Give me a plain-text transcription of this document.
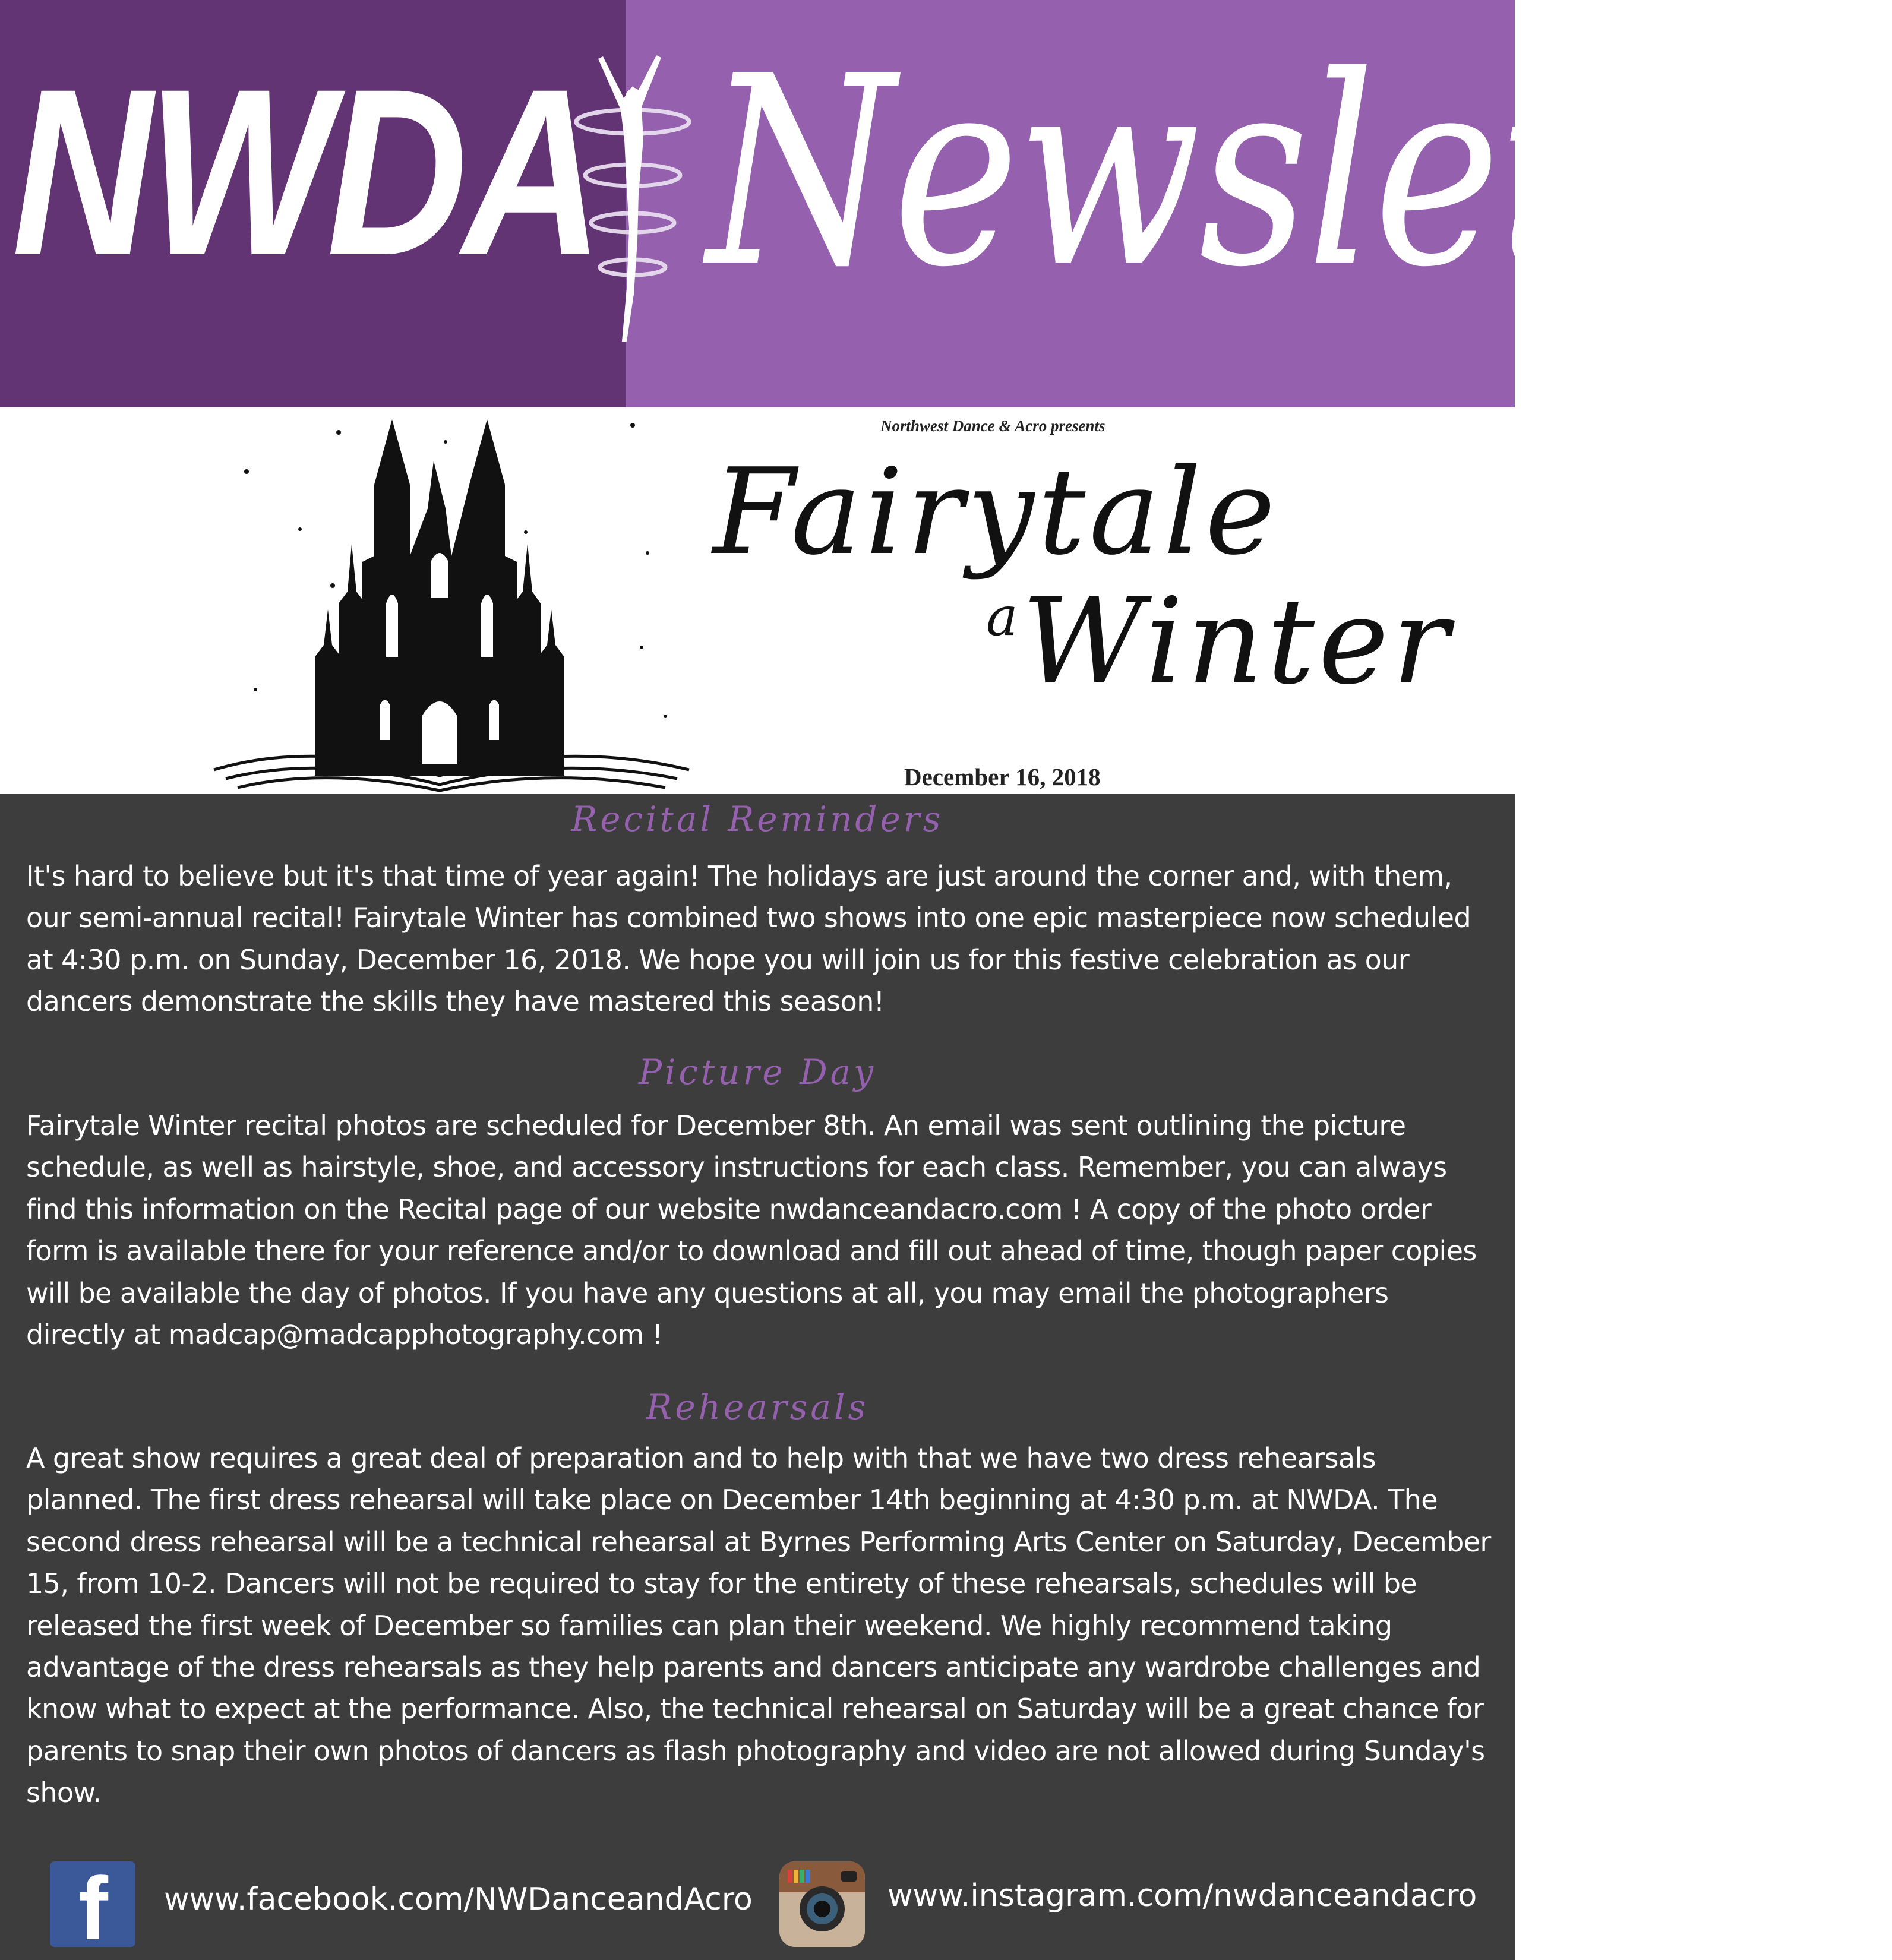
NWDA Newsletter
Northwest Dance & Acro presents
Fairytale
a Winter
December 16, 2018
Recital Reminders

It's hard to believe but it's that time of year again! The holidays are just around the corner and, with them, our semi-annual recital! Fairytale Winter has combined two shows into one epic masterpiece now scheduled at 4:30 p.m. on Sunday, December 16, 2018. We hope you will join us for this festive celebration as our dancers demonstrate the skills they have mastered this season!

Picture Day

Fairytale Winter recital photos are scheduled for December 8th. An email was sent outlining the picture schedule, as well as hairstyle, shoe, and accessory instructions for each class. Remember, you can always find this information on the Recital page of our website nwdanceandacro.com ! A copy of the photo order form is available there for your reference and/or to download and fill out ahead of time, though paper copies will be available the day of photos. If you have any questions at all, you may email the photographers directly at madcap@madcapphotography.com !

Rehearsals

A great show requires a great deal of preparation and to help with that we have two dress rehearsals planned. The first dress rehearsal will take place on December 14th beginning at 4:30 p.m. at NWDA. The second dress rehearsal will be a technical rehearsal at Byrnes Performing Arts Center on Saturday, December 15, from 10-2. Dancers will not be required to stay for the entirety of these rehearsals, schedules will be released the first week of December so families can plan their weekend. We highly recommend taking advantage of the dress rehearsals as they help parents and dancers anticipate any wardrobe challenges and know what to expect at the performance. Also, the technical rehearsal on Saturday will be a great chance for parents to snap their own photos of dancers as flash photography and video are not allowed during Sunday's show.

f www.facebook.com/NWDanceandAcro	www.instagram.com/nwdanceandacro
